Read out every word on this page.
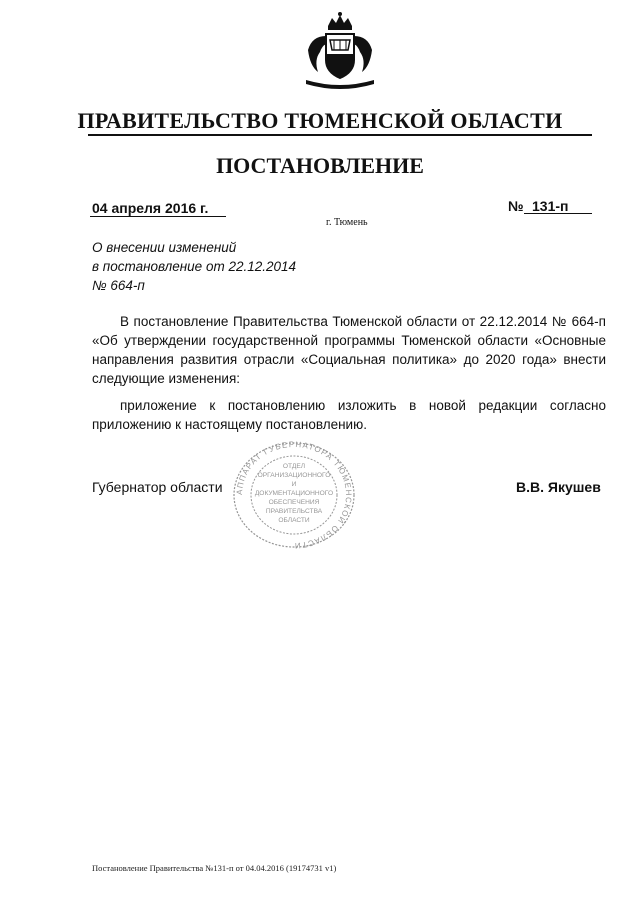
ПРАВИТЕЛЬСТВО ТЮМЕНСКОЙ ОБЛАСТИ
ПОСТАНОВЛЕНИЕ
04 апреля 2016 г.	№ 131-п
г. Тюмень
О внесении изменений
в постановление от 22.12.2014
№ 664-п

В постановление Правительства Тюменской области от 22.12.2014 № 664-п «Об утверждении государственной программы Тюменской области «Основные направления развития отрасли «Социальная политика» до 2020 года» внести следующие изменения:

приложение к постановлению изложить в новой редакции согласно приложению к настоящему постановлению.

Губернатор области	В.В. Якушев
АППАРАТ ГУБЕРНАТОРА ТЮМЕНСКОЙ ОБЛАСТИ
ОТДЕЛ
ОРГАНИЗАЦИОННОГО
И
ДОКУМЕНТАЦИОННОГО
ОБЕСПЕЧЕНИЯ
ПРАВИТЕЛЬСТВА
ОБЛАСТИ
Постановление Правительства №131-п от 04.04.2016 (19174731 v1)
